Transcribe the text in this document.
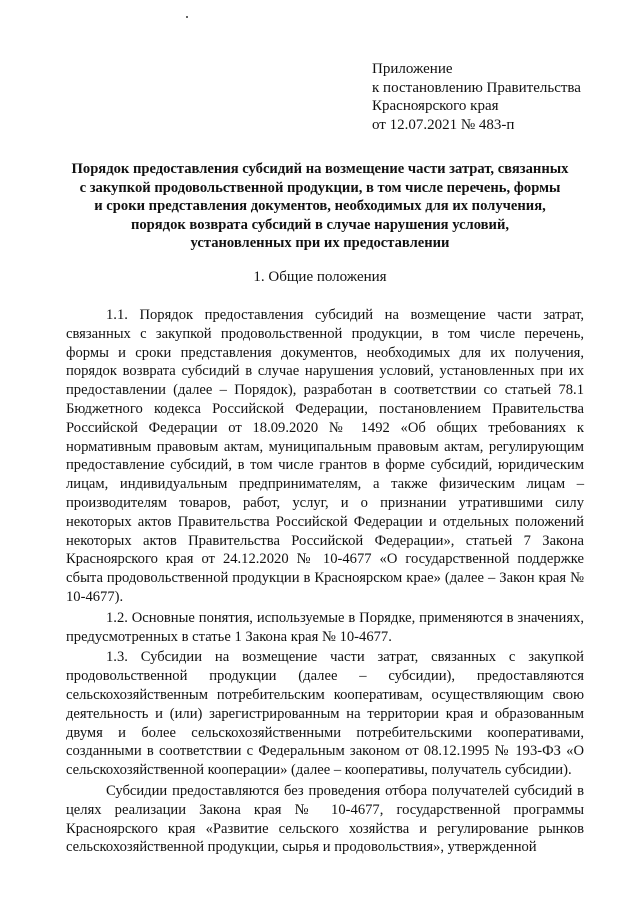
Приложение
к постановлению Правительства
Красноярского края
от 12.07.2021 № 483-п
Порядок предоставления субсидий на возмещение части затрат, связанных
с закупкой продовольственной продукции, в том числе перечень, формы
и сроки представления документов, необходимых для их получения,
порядок возврата субсидий в случае нарушения условий,
установленных при их предоставлении
1. Общие положения

1.1. Порядок предоставления субсидий на возмещение части затрат, связанных с закупкой продовольственной продукции, в том числе перечень, формы и сроки представления документов, необходимых для их получения, порядок возврата субсидий в случае нарушения условий, установленных при их предоставлении (далее – Порядок), разработан в соответствии со статьей 78.1 Бюджетного кодекса Российской Федерации, постановлением Правительства Российской Федерации от 18.09.2020 № 1492 «Об общих требованиях к нормативным правовым актам, муниципальным правовым актам, регулирующим предоставление субсидий, в том числе грантов в форме субсидий, юридическим лицам, индивидуальным предпринимателям, а также физическим лицам – производителям товаров, работ, услуг, и о признании утратившими силу некоторых актов Правительства Российской Федерации и отдельных положений некоторых актов Правительства Российской Федерации», статьей 7 Закона Красноярского края от 24.12.2020 № 10-4677 «О государственной поддержке сбыта продовольственной продукции в Красноярском крае» (далее – Закон края № 10-4677).

1.2. Основные понятия, используемые в Порядке, применяются в значениях, предусмотренных в статье 1 Закона края № 10-4677.

1.3. Субсидии на возмещение части затрат, связанных с закупкой продовольственной продукции (далее – субсидии), предоставляются сельскохозяйственным потребительским кооперативам, осуществляющим свою деятельность и (или) зарегистрированным на территории края и образованным двумя и более сельскохозяйственными потребительскими кооперативами, созданными в соответствии с Федеральным законом от 08.12.1995 № 193-ФЗ «О сельскохозяйственной кооперации» (далее – кооперативы, получатель субсидии).

Субсидии предоставляются без проведения отбора получателей субсидий в целях реализации Закона края № 10-4677, государственной программы Красноярского края «Развитие сельского хозяйства и регулирование рынков сельскохозяйственной продукции, сырья и продовольствия», утвержденной
